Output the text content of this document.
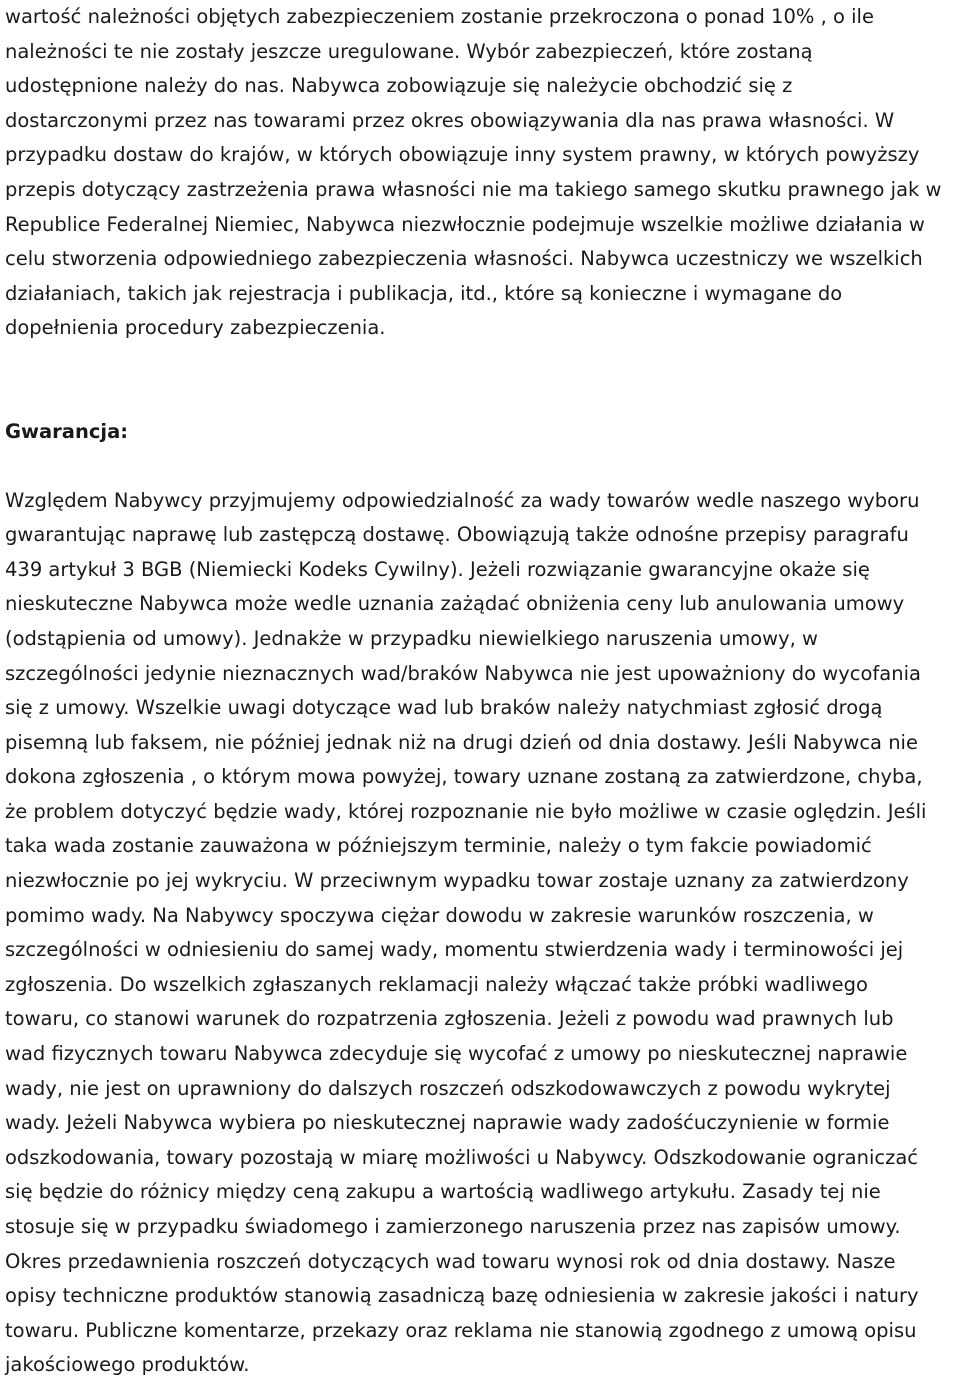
wartość należności objętych zabezpieczeniem zostanie przekroczona o ponad 10% , o ile
należności te nie zostały jeszcze uregulowane. Wybór zabezpieczeń, które zostaną
udostępnione należy do nas. Nabywca zobowiązuje się należycie obchodzić się z
dostarczonymi przez nas towarami przez okres obowiązywania dla nas prawa własności. W
przypadku dostaw do krajów, w których obowiązuje inny system prawny, w których powyższy
przepis dotyczący zastrzeżenia prawa własności nie ma takiego samego skutku prawnego jak w
Republice Federalnej Niemiec, Nabywca niezwłocznie podejmuje wszelkie możliwe działania w
celu stworzenia odpowiedniego zabezpieczenia własności. Nabywca uczestniczy we wszelkich
działaniach, takich jak rejestracja i publikacja, itd., które są konieczne i wymagane do
dopełnienia procedury zabezpieczenia.

Gwarancja:

Względem Nabywcy przyjmujemy odpowiedzialność za wady towarów wedle naszego wyboru
gwarantując naprawę lub zastępczą dostawę. Obowiązują także odnośne przepisy paragrafu
439 artykuł 3 BGB (Niemiecki Kodeks Cywilny). Jeżeli rozwiązanie gwarancyjne okaże się
nieskuteczne Nabywca może wedle uznania zażądać obniżenia ceny lub anulowania umowy
(odstąpienia od umowy). Jednakże w przypadku niewielkiego naruszenia umowy, w
szczególności jedynie nieznacznych wad/braków Nabywca nie jest upoważniony do wycofania
się z umowy. Wszelkie uwagi dotyczące wad lub braków należy natychmiast zgłosić drogą
pisemną lub faksem, nie później jednak niż na drugi dzień od dnia dostawy. Jeśli Nabywca nie
dokona zgłoszenia , o którym mowa powyżej, towary uznane zostaną za zatwierdzone, chyba,
że problem dotyczyć będzie wady, której rozpoznanie nie było możliwe w czasie oględzin. Jeśli
taka wada zostanie zauważona w późniejszym terminie, należy o tym fakcie powiadomić
niezwłocznie po jej wykryciu. W przeciwnym wypadku towar zostaje uznany za zatwierdzony
pomimo wady. Na Nabywcy spoczywa ciężar dowodu w zakresie warunków roszczenia, w
szczególności w odniesieniu do samej wady, momentu stwierdzenia wady i terminowości jej
zgłoszenia. Do wszelkich zgłaszanych reklamacji należy włączać także próbki wadliwego
towaru, co stanowi warunek do rozpatrzenia zgłoszenia. Jeżeli z powodu wad prawnych lub
wad fizycznych towaru Nabywca zdecyduje się wycofać z umowy po nieskutecznej naprawie
wady, nie jest on uprawniony do dalszych roszczeń odszkodowawczych z powodu wykrytej
wady. Jeżeli Nabywca wybiera po nieskutecznej naprawie wady zadośćuczynienie w formie
odszkodowania, towary pozostają w miarę możliwości u Nabywcy. Odszkodowanie ograniczać
się będzie do różnicy między ceną zakupu a wartością wadliwego artykułu. Zasady tej nie
stosuje się w przypadku świadomego i zamierzonego naruszenia przez nas zapisów umowy.
Okres przedawnienia roszczeń dotyczących wad towaru wynosi rok od dnia dostawy. Nasze
opisy techniczne produktów stanowią zasadniczą bazę odniesienia w zakresie jakości i natury
towaru. Publiczne komentarze, przekazy oraz reklama nie stanowią zgodnego z umową opisu
jakościowego produktów.
